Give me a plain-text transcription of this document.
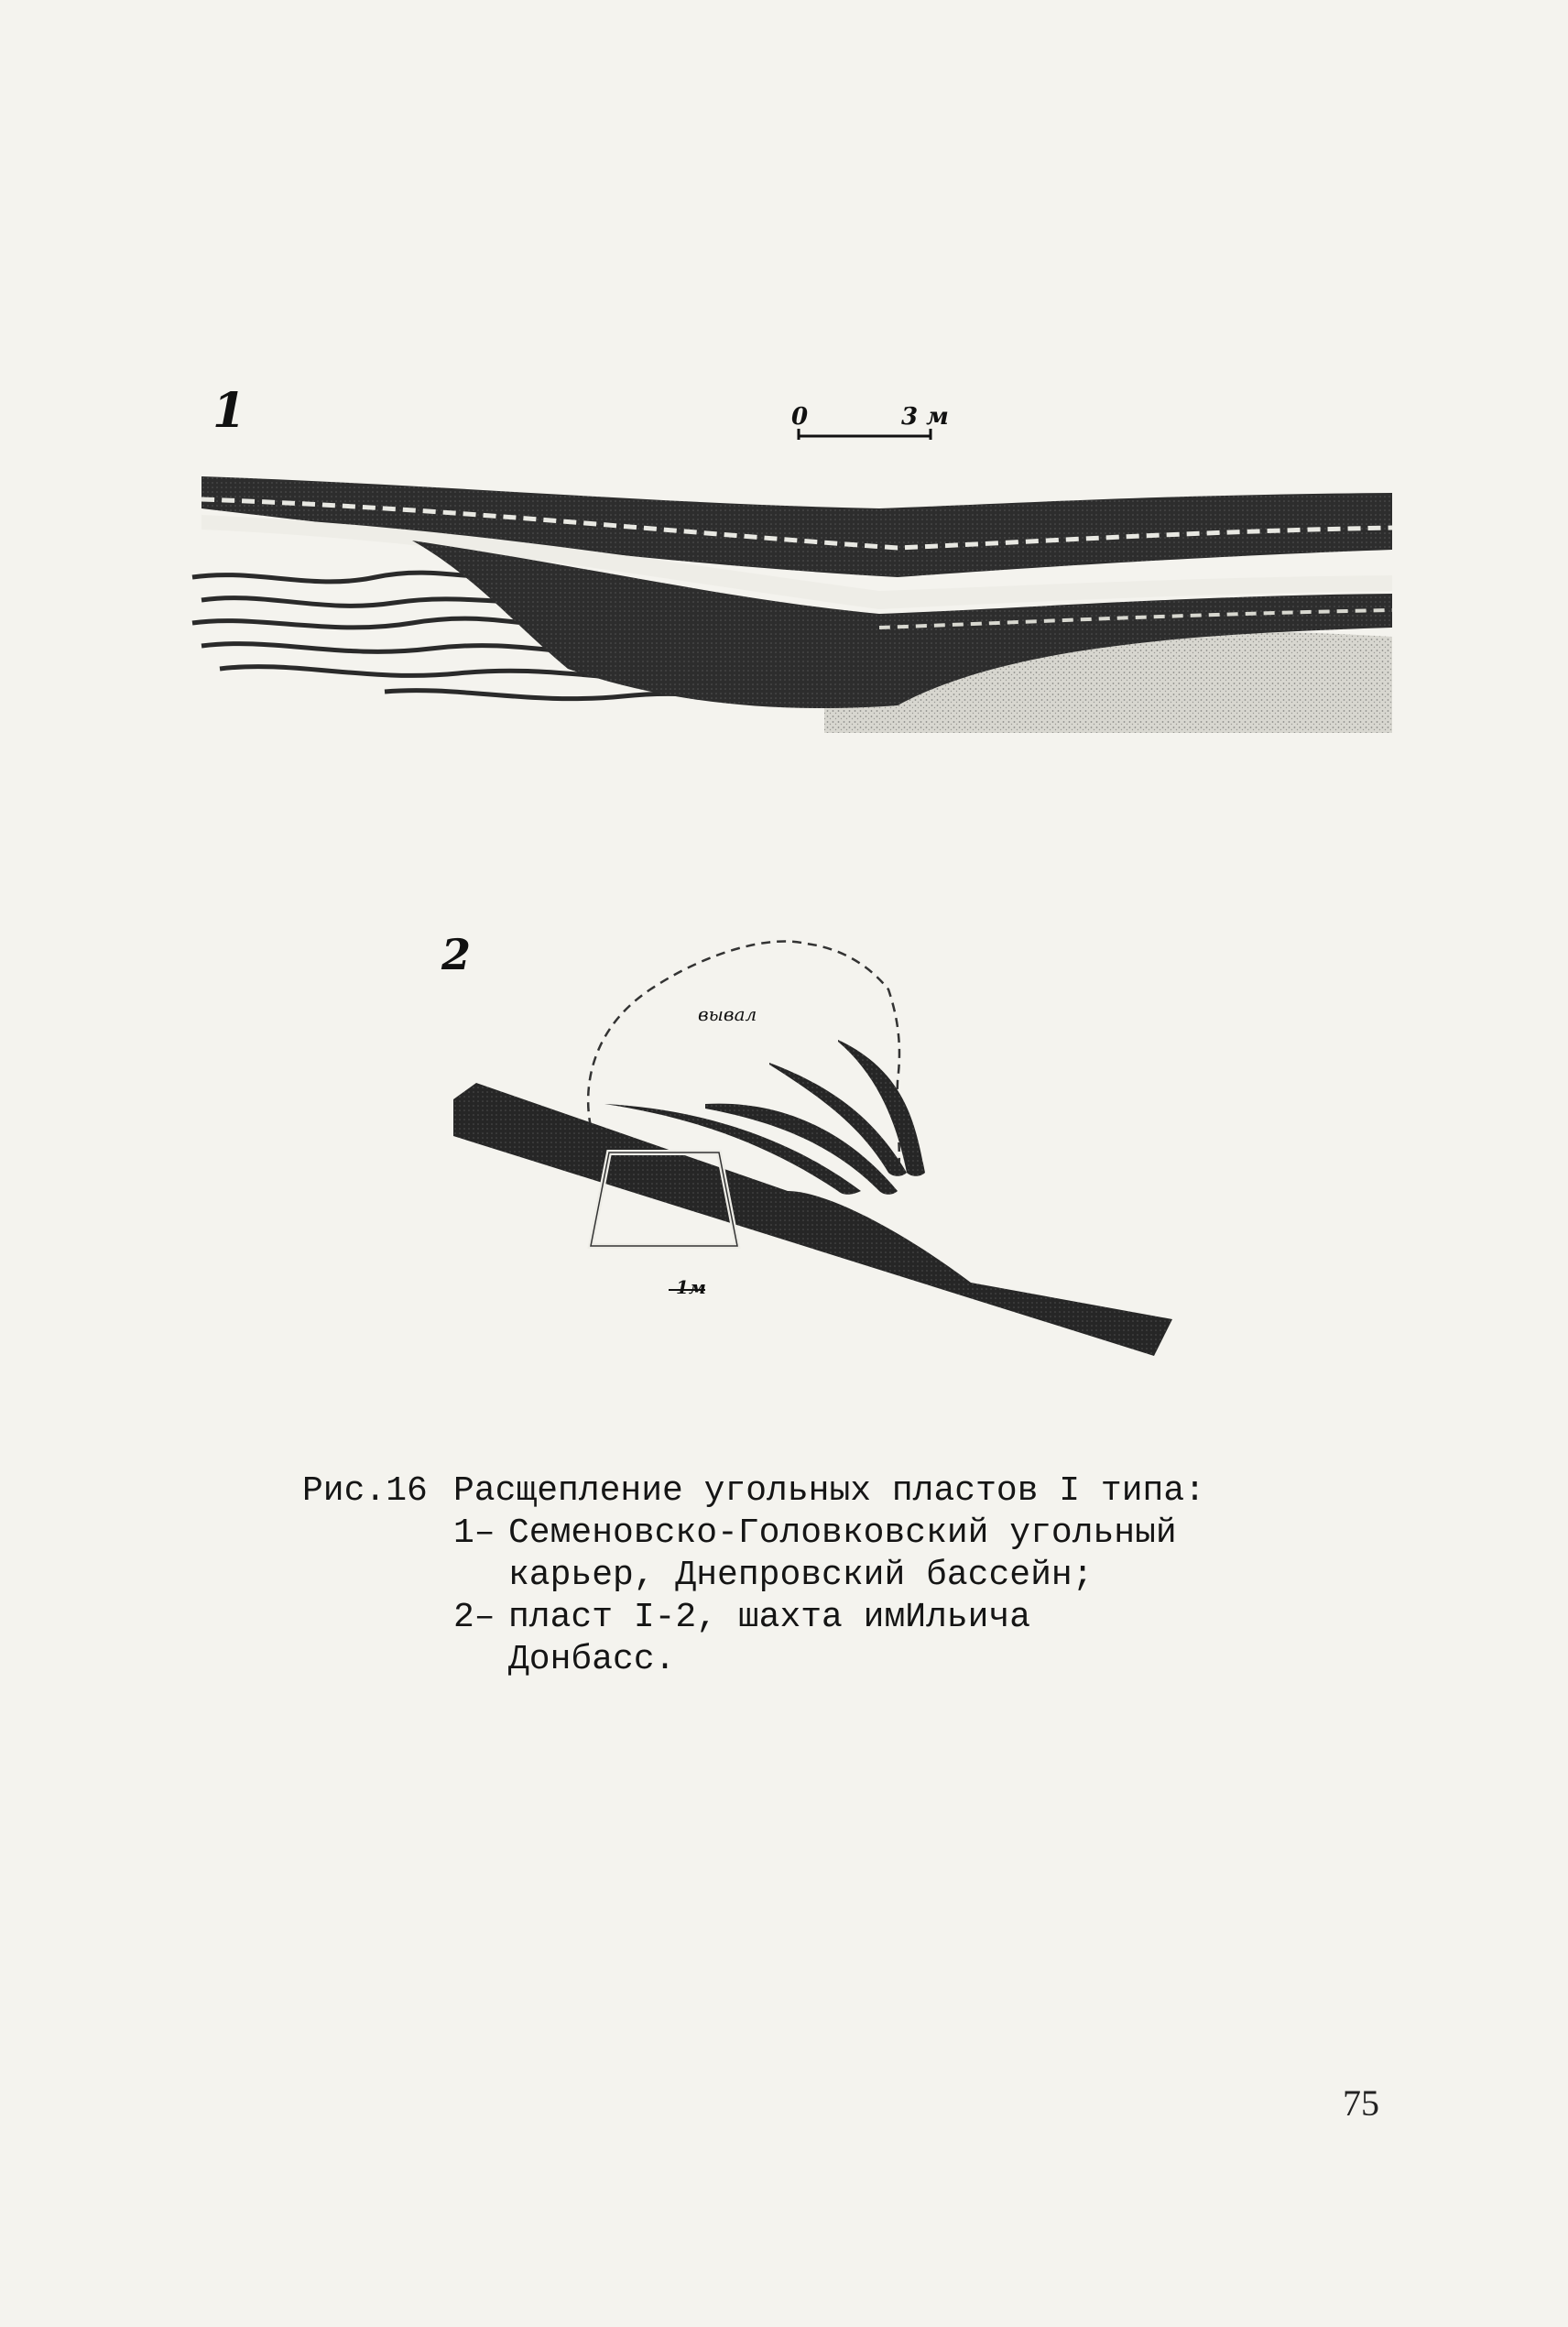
1	0	3 м
2
вывал
1м
Рис.16 Расщепление угольных пластов I типа:
1– Семеновско-Головковский угольный
карьер, Днепровский бассейн;
2– пласт I-2, шахта имИльича
Донбасс.
75
